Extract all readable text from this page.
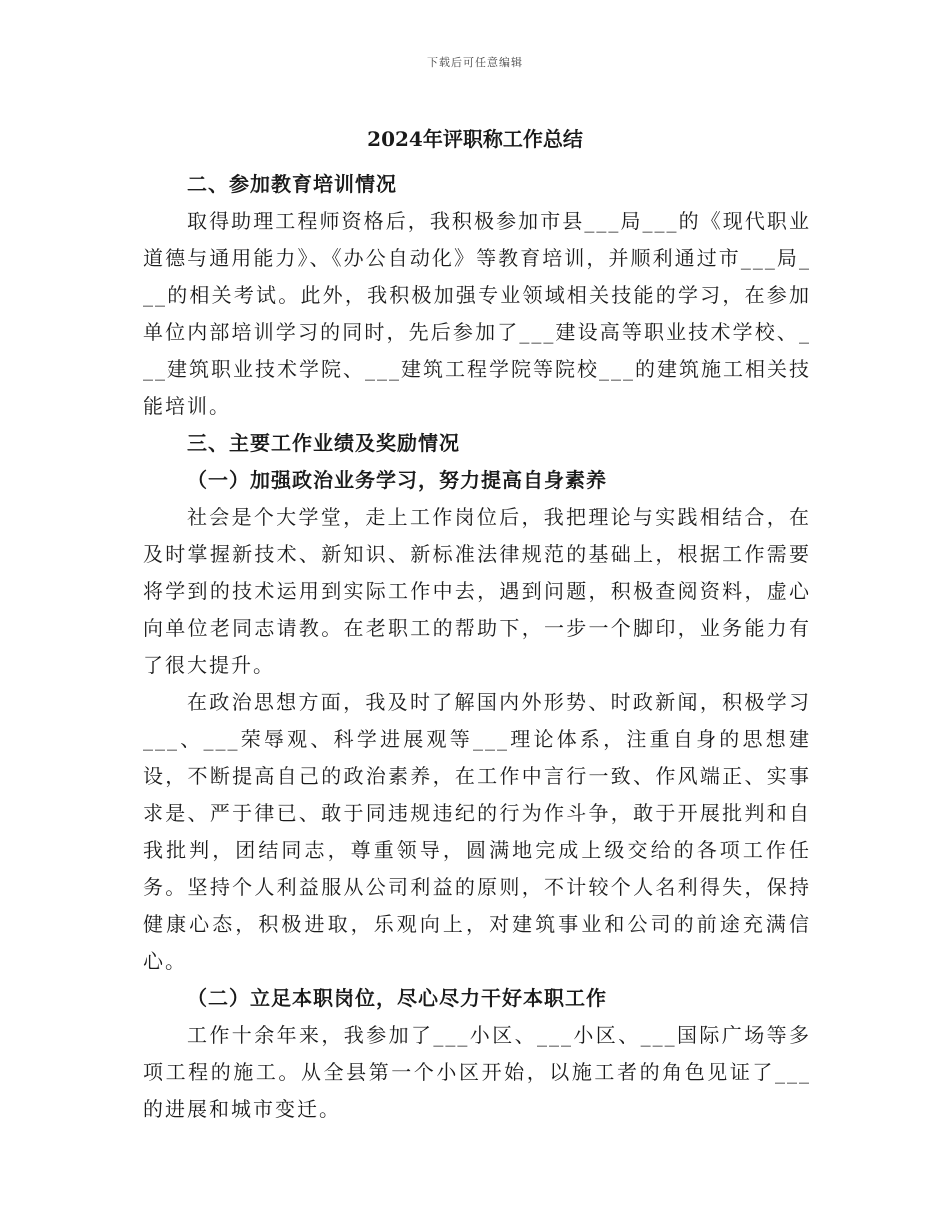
下载后可任意编辑
2024年评职称工作总结
二、参加教育培训情况

取得助理工程师资格后，我积极参加市县___局___的《现代职业道德与通用能力》、《办公自动化》等教育培训，并顺利通过市___局___的相关考试。此外，我积极加强专业领域相关技能的学习，在参加单位内部培训学习的同时，先后参加了___建设高等职业技术学校、___建筑职业技术学院、___建筑工程学院等院校___的建筑施工相关技能培训。

三、主要工作业绩及奖励情况
（一）加强政治业务学习，努力提高自身素养

社会是个大学堂，走上工作岗位后，我把理论与实践相结合，在及时掌握新技术、新知识、新标准法律规范的基础上，根据工作需要将学到的技术运用到实际工作中去，遇到问题，积极查阅资料，虚心向单位老同志请教。在老职工的帮助下，一步一个脚印，业务能力有了很大提升。

在政治思想方面，我及时了解国内外形势、时政新闻，积极学习___、___荣辱观、科学进展观等___理论体系，注重自身的思想建设，不断提高自己的政治素养，在工作中言行一致、作风端正、实事求是、严于律已、敢于同违规违纪的行为作斗争，敢于开展批判和自我批判，团结同志，尊重领导，圆满地完成上级交给的各项工作任务。坚持个人利益服从公司利益的原则，不计较个人名利得失，保持健康心态，积极进取，乐观向上，对建筑事业和公司的前途充满信心。

（二）立足本职岗位，尽心尽力干好本职工作

工作十余年来，我参加了___小区、___小区、___国际广场等多项工程的施工。从全县第一个小区开始，以施工者的角色见证了___的进展和城市变迁。
